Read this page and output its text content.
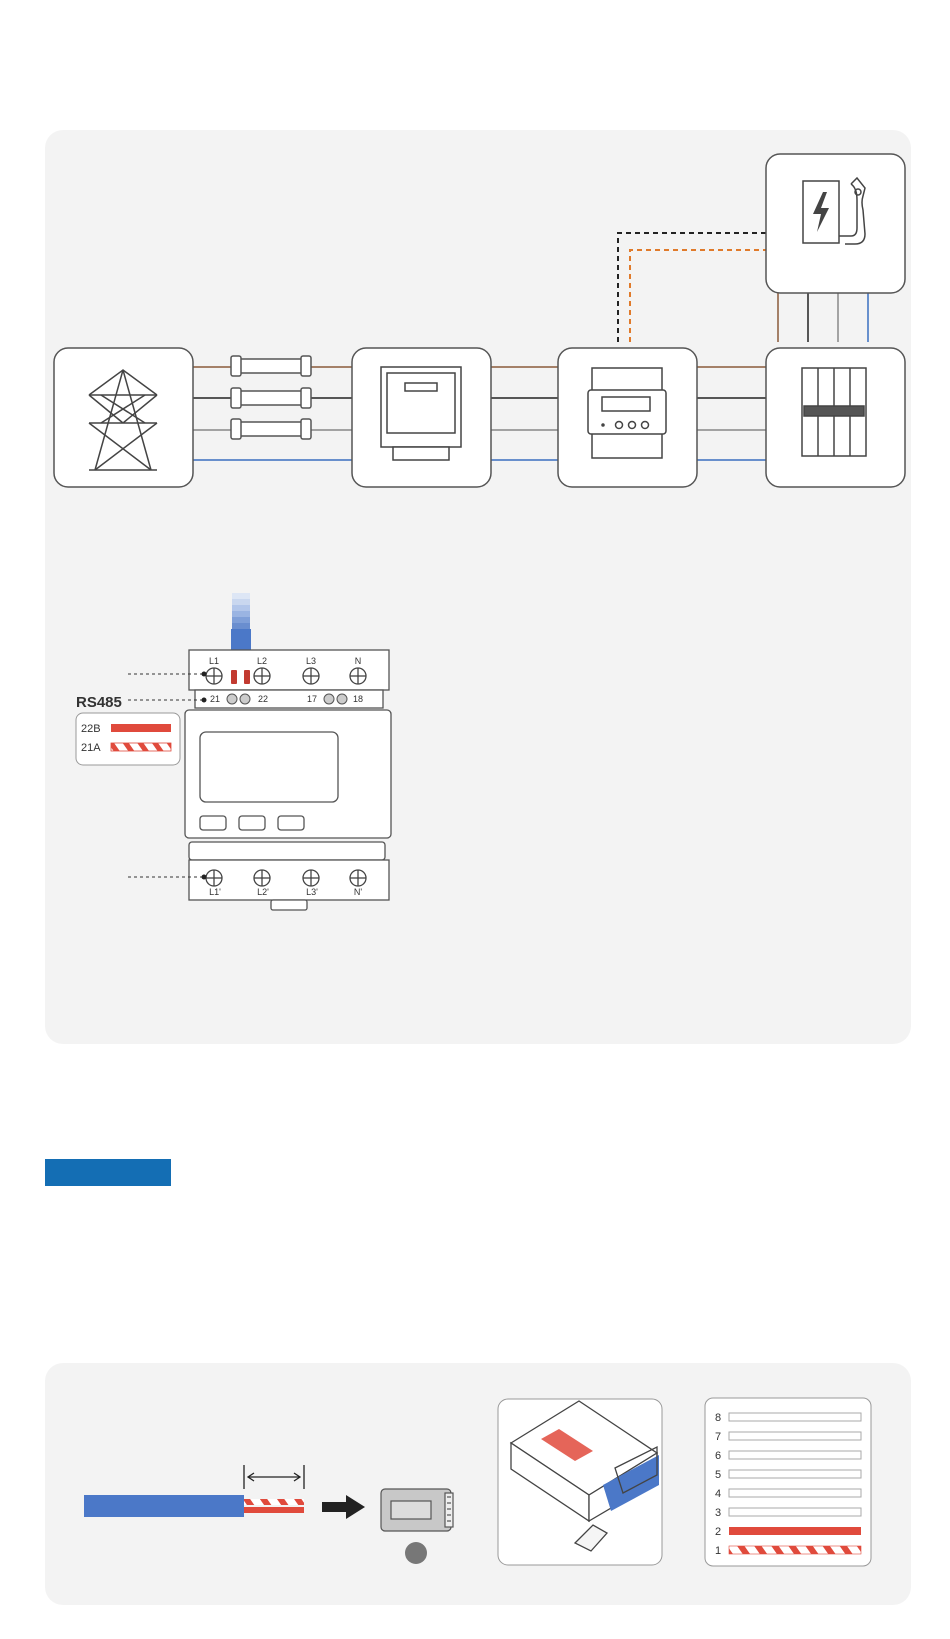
L1	L2	L3	N
21	22	17	18
L1'	L2'	L3'	N'
RS485
22B
21A
8
7
6
5
4
3
2
1
